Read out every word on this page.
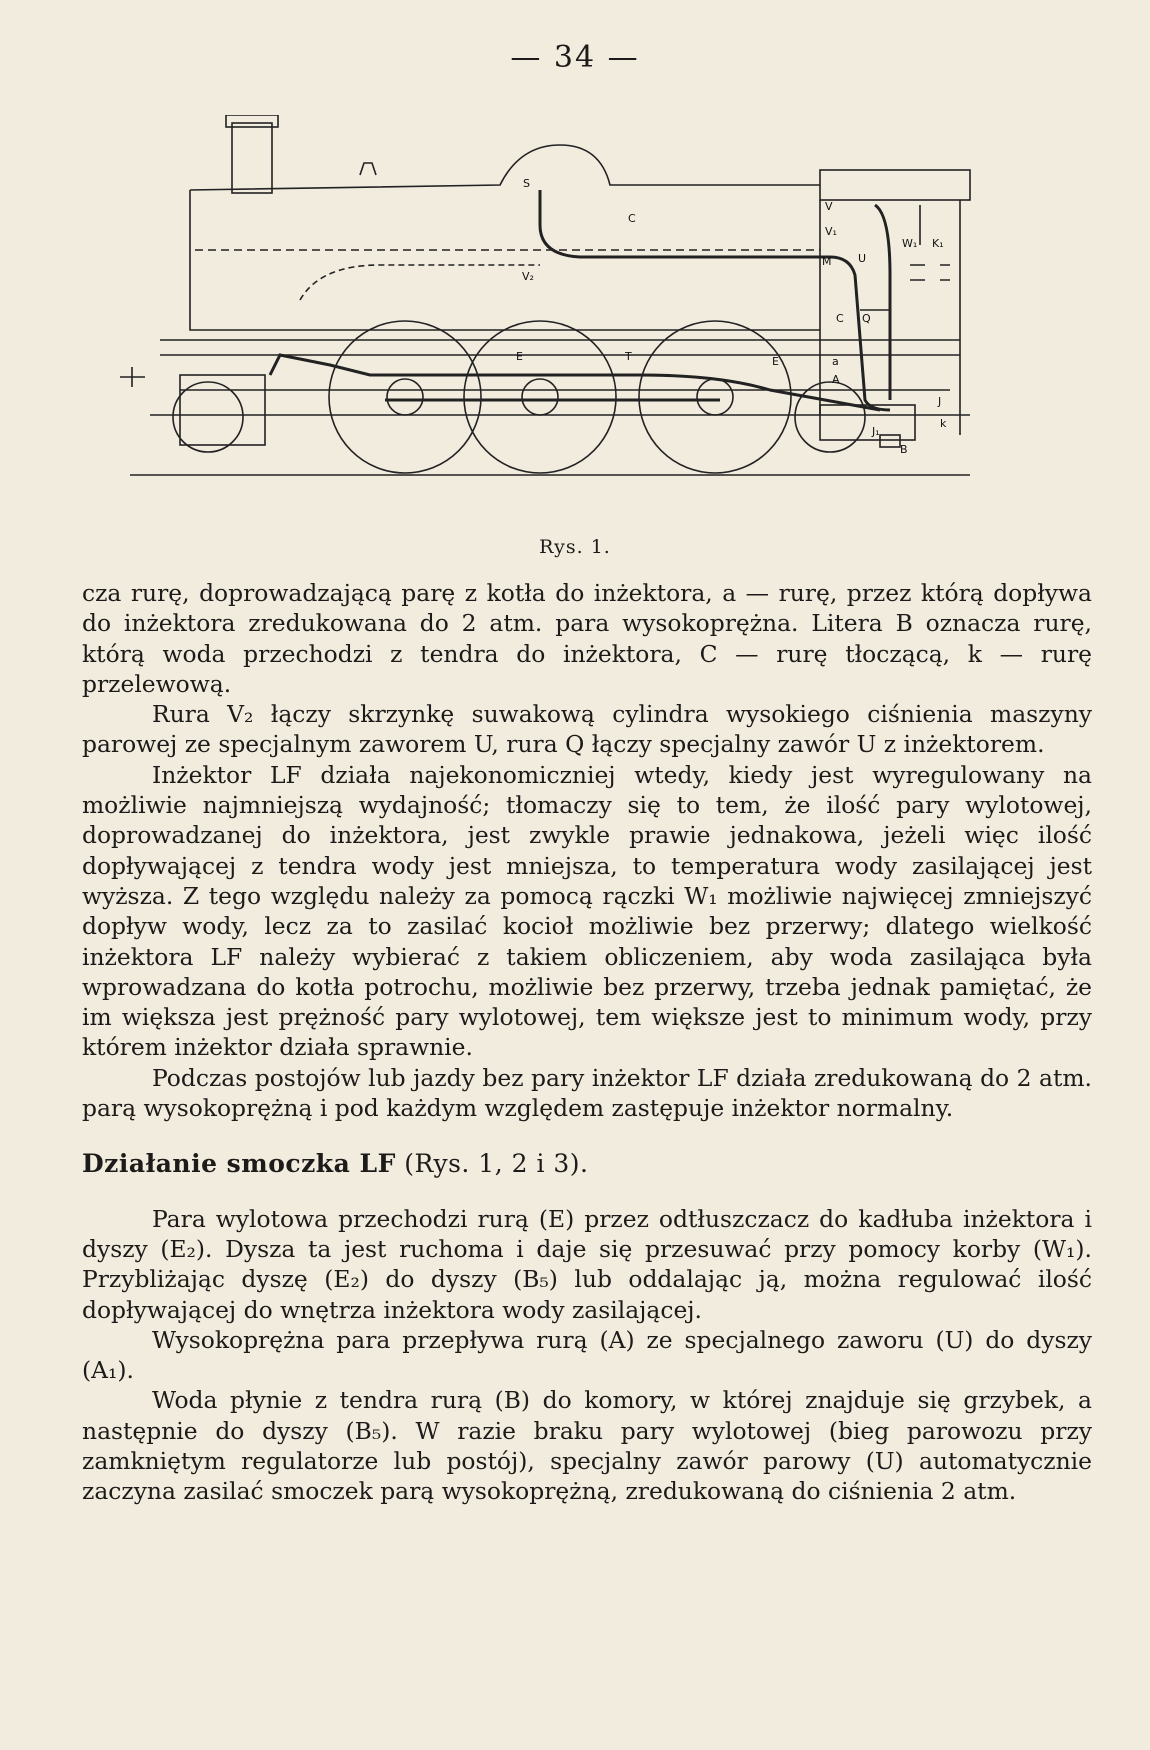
— 34 —
S
C
V
V₁
W₁ K₁
M U
V₂
C Q
E	T	E	a
A
J
k
J₁
B
Rys. 1.

cza rurę, doprowadzającą parę z kotła do inżektora, a — rurę, przez którą dopływa do inżektora zredukowana do 2 atm. para wysokoprężna. Litera B oznacza rurę, którą woda przechodzi z tendra do inżektora, C — rurę tłoczącą, k — rurę przelewową.

Rura V₂ łączy skrzynkę suwakową cylindra wysokiego ciśnienia maszyny parowej ze specjalnym zaworem U, rura Q łączy specjalny zawór U z inżektorem.

Inżektor LF działa najekonomiczniej wtedy, kiedy jest wyregulowany na możliwie najmniejszą wydajność; tłomaczy się to tem, że ilość pary wylotowej, doprowadzanej do inżektora, jest zwykle prawie jednakowa, jeżeli więc ilość dopływającej z tendra wody jest mniejsza, to temperatura wody zasilającej jest wyższa. Z tego względu należy za pomocą rączki W₁ możliwie najwięcej zmniejszyć dopływ wody, lecz za to zasilać kocioł możliwie bez przerwy; dlatego wielkość inżektora LF należy wybierać z takiem obliczeniem, aby woda zasilająca była wprowadzana do kotła potrochu, możliwie bez przerwy, trzeba jednak pamiętać, że im większa jest prężność pary wylotowej, tem większe jest to minimum wody, przy którem inżektor działa sprawnie.

Podczas postojów lub jazdy bez pary inżektor LF działa zredukowaną do 2 atm. parą wysokoprężną i pod każdym względem zastępuje inżektor normalny.

Działanie smoczka LF (Rys. 1, 2 i 3).

Para wylotowa przechodzi rurą (E) przez odtłuszczacz do kadłuba inżektora i dyszy (E₂). Dysza ta jest ruchoma i daje się przesuwać przy pomocy korby (W₁). Przybliżając dyszę (E₂) do dyszy (B₅) lub oddalając ją, można regulować ilość dopływającej do wnętrza inżektora wody zasilającej.

Wysokoprężna para przepływa rurą (A) ze specjalnego zaworu (U) do dyszy (A₁).

Woda płynie z tendra rurą (B) do komory, w której znajduje się grzybek, a następnie do dyszy (B₅). W razie braku pary wylotowej (bieg parowozu przy zamkniętym regulatorze lub postój), specjalny zawór parowy (U) automatycznie zaczyna zasilać smoczek parą wysokoprężną, zredukowaną do ciśnienia 2 atm.
